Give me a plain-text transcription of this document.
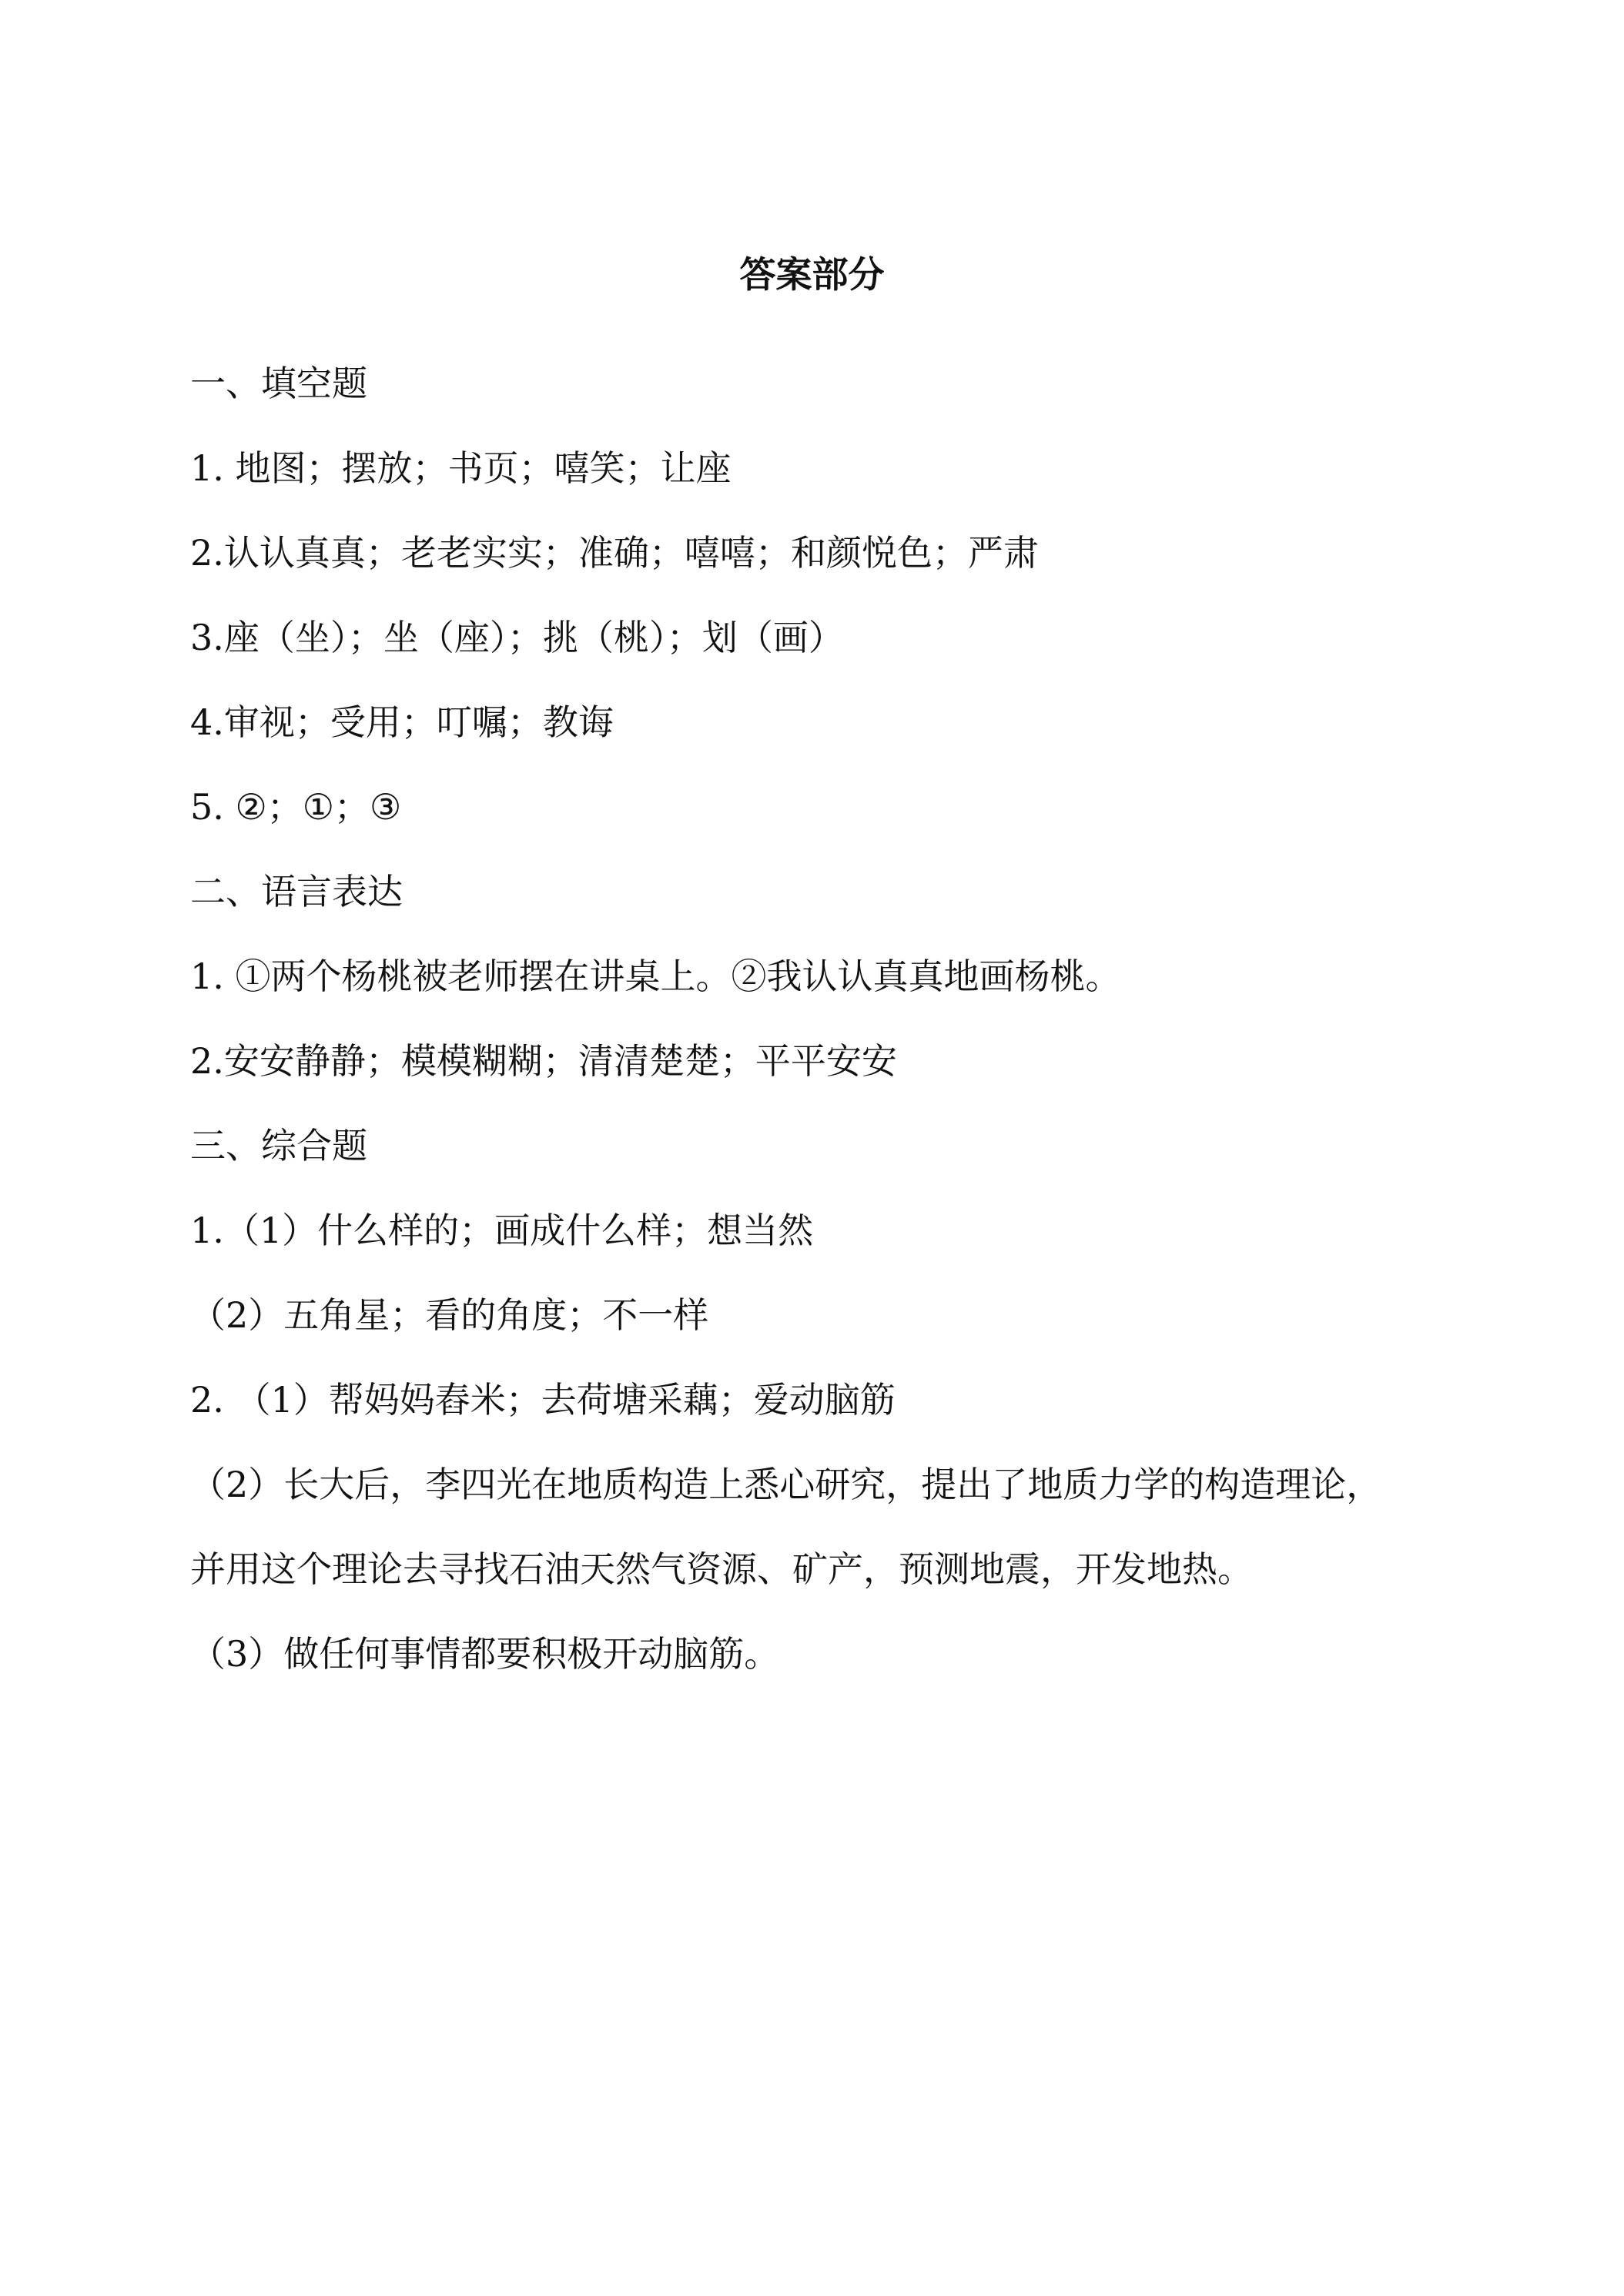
答案部分
一、填空题
1. 地图；摆放；书页；嘻笑；让座
2.认认真真；老老实实；准确；嘻嘻；和颜悦色；严肃
3.座（坐）；坐（座）；挑（桃）；划（画）
4.审视；受用；叮嘱；教诲
5. ②；①；③
二、语言表达
1. ①两个杨桃被老师摆在讲桌上。②我认认真真地画杨桃。
2.安安静静；模模糊糊；清清楚楚；平平安安
三、综合题
1.（1）什么样的；画成什么样；想当然
（2）五角星；看的角度；不一样
2. （1）帮妈妈舂米；去荷塘采藕；爱动脑筋
（2）长大后，李四光在地质构造上悉心研究，提出了地质力学的构造理论，
并用这个理论去寻找石油天然气资源、矿产，预测地震，开发地热。
（3）做任何事情都要积极开动脑筋。
